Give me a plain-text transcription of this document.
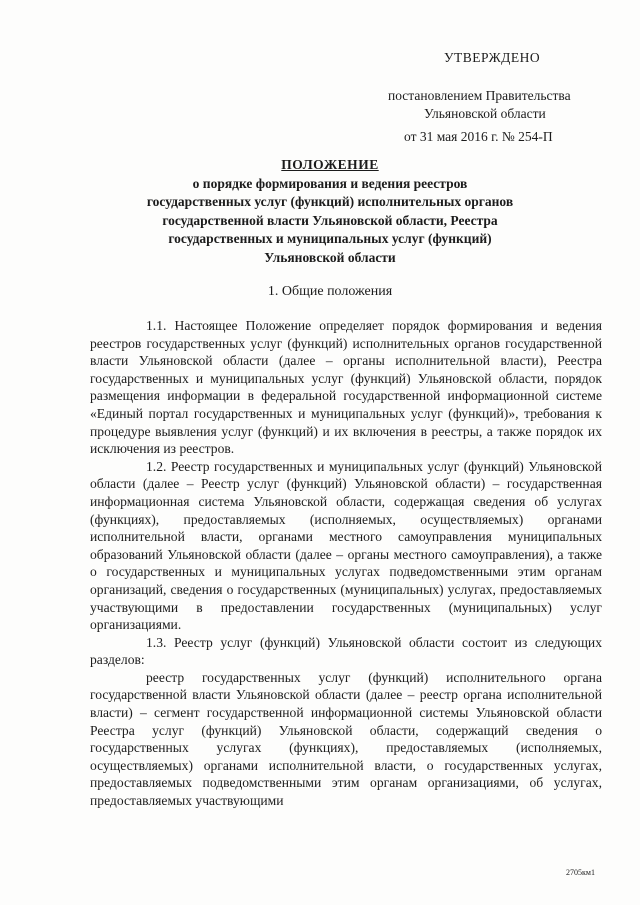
УТВЕРЖДЕНО
постановлением Правительства
Ульяновской области
от 31 мая 2016 г. № 254-П
ПОЛОЖЕНИЕ
о порядке формирования и ведения реестров
государственных услуг (функций) исполнительных органов
государственной власти Ульяновской области, Реестра
государственных и муниципальных услуг (функций)
Ульяновской области
1. Общие положения

1.1. Настоящее Положение определяет порядок формирования и ведения реестров государственных услуг (функций) исполнительных органов государственной власти Ульяновской области (далее – органы исполнительной власти), Реестра государственных и муниципальных услуг (функций) Ульяновской области, порядок размещения информации в федеральной государственной информационной системе «Единый портал государственных и муниципальных услуг (функций)», требования к процедуре выявления услуг (функций) и их включения в реестры, а также порядок их исключения из реестров.

1.2. Реестр государственных и муниципальных услуг (функций) Ульяновской области (далее – Реестр услуг (функций) Ульяновской области) – государственная информационная система Ульяновской области, содержащая сведения об услугах (функциях), предоставляемых (исполняемых, осуществляемых) органами исполнительной власти, органами местного самоуправления муниципальных образований Ульяновской области (далее – органы местного самоуправления), а также о государственных и муниципальных услугах подведомственными этим органам организаций, сведения о государственных (муниципальных) услугах, предоставляемых участвующими в предоставлении государственных (муниципальных) услуг организациями.

1.3. Реестр услуг (функций) Ульяновской области состоит из следующих разделов:

реестр государственных услуг (функций) исполнительного органа государственной власти Ульяновской области (далее – реестр органа исполнительной власти) – сегмент государственной информационной системы Ульяновской области Реестра услуг (функций) Ульяновской области, содержащий сведения о государственных услугах (функциях), предоставляемых (исполняемых, осуществляемых) органами исполнительной власти, о государственных услугах, предоставляемых подведомственными этим органам организациями, об услугах, предоставляемых участвующими

2705км1
